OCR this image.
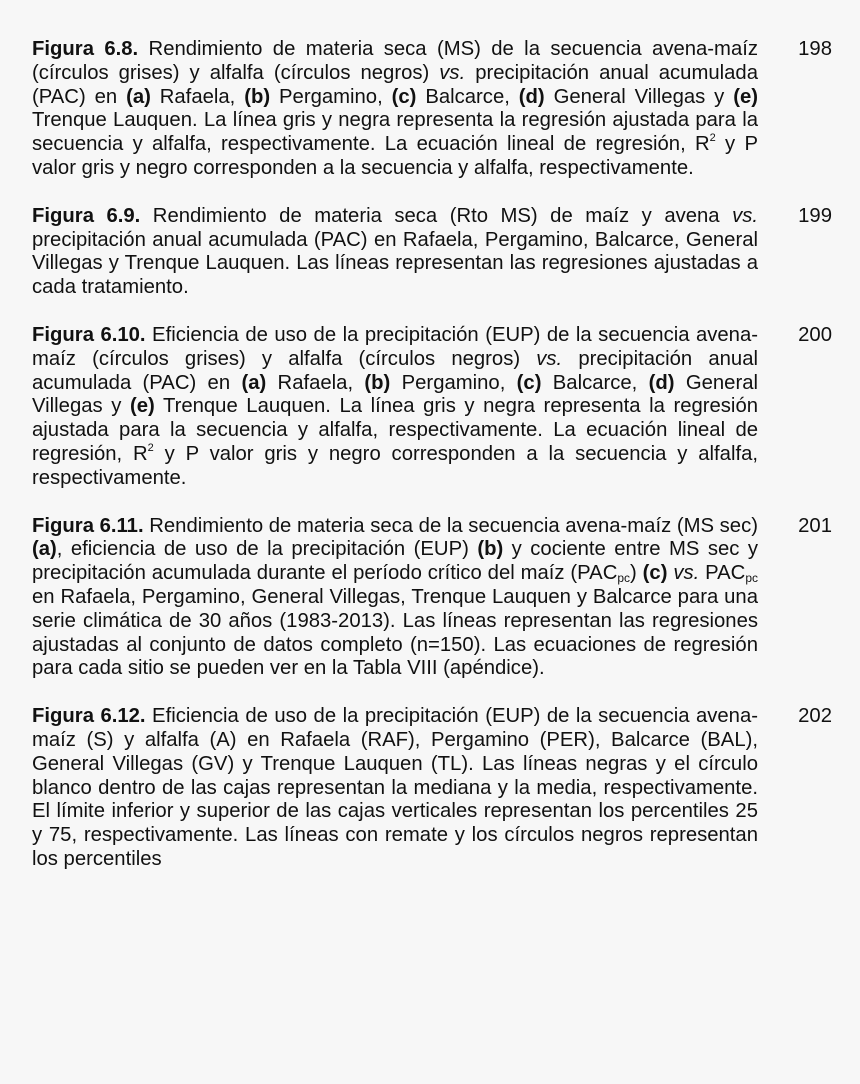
Figura 6.8. Rendimiento de materia seca (MS) de la secuencia avena-maíz (círculos grises) y alfalfa (círculos negros) vs. precipitación anual acumulada (PAC) en (a) Rafaela, (b) Pergamino, (c) Balcarce, (d) General Villegas y (e) Trenque Lauquen. La línea gris y negra representa la regresión ajustada para la secuencia y alfalfa, respectivamente. La ecuación lineal de regresión, $R^2$ y P valor gris y negro corresponden a la secuencia y alfalfa, respectivamente.
198
Figura 6.9. Rendimiento de materia seca (Rto MS) de maíz y avena vs. precipitación anual acumulada (PAC) en Rafaela, Pergamino, Balcarce, General Villegas y Trenque Lauquen. Las líneas representan las regresiones ajustadas a cada tratamiento.
199
Figura 6.10. Eficiencia de uso de la precipitación (EUP) de la secuencia avena-maíz (círculos grises) y alfalfa (círculos negros) vs. precipitación anual acumulada (PAC) en (a) Rafaela, (b) Pergamino, (c) Balcarce, (d) General Villegas y (e) Trenque Lauquen. La línea gris y negra representa la regresión ajustada para la secuencia y alfalfa, respectivamente. La ecuación lineal de regresión, $R^2$ y P valor gris y negro corresponden a la secuencia y alfalfa, respectivamente.
200
Figura 6.11. Rendimiento de materia seca de la secuencia avena-maíz (MS sec) (a), eficiencia de uso de la precipitación (EUP) (b) y cociente entre MS sec y precipitación acumulada durante el período crítico del maíz $(PAC_{pc})$ (c) vs. $PAC_{pc}$ en Rafaela, Pergamino, General Villegas, Trenque Lauquen y Balcarce para una serie climática de 30 años (1983-2013). Las líneas representan las regresiones ajustadas al conjunto de datos completo (n=150). Las ecuaciones de regresión para cada sitio se pueden ver en la Tabla VIII (apéndice).
201
Figura 6.12. Eficiencia de uso de la precipitación (EUP) de la secuencia avena-maíz (S) y alfalfa (A) en Rafaela (RAF), Pergamino (PER), Balcarce (BAL), General Villegas (GV) y Trenque Lauquen (TL). Las líneas negras y el círculo blanco dentro de las cajas representan la mediana y la media, respectivamente. El límite inferior y superior de las cajas verticales representan los percentiles 25 y 75, respectivamente. Las líneas con remate y los círculos negros representan los percentiles
202
